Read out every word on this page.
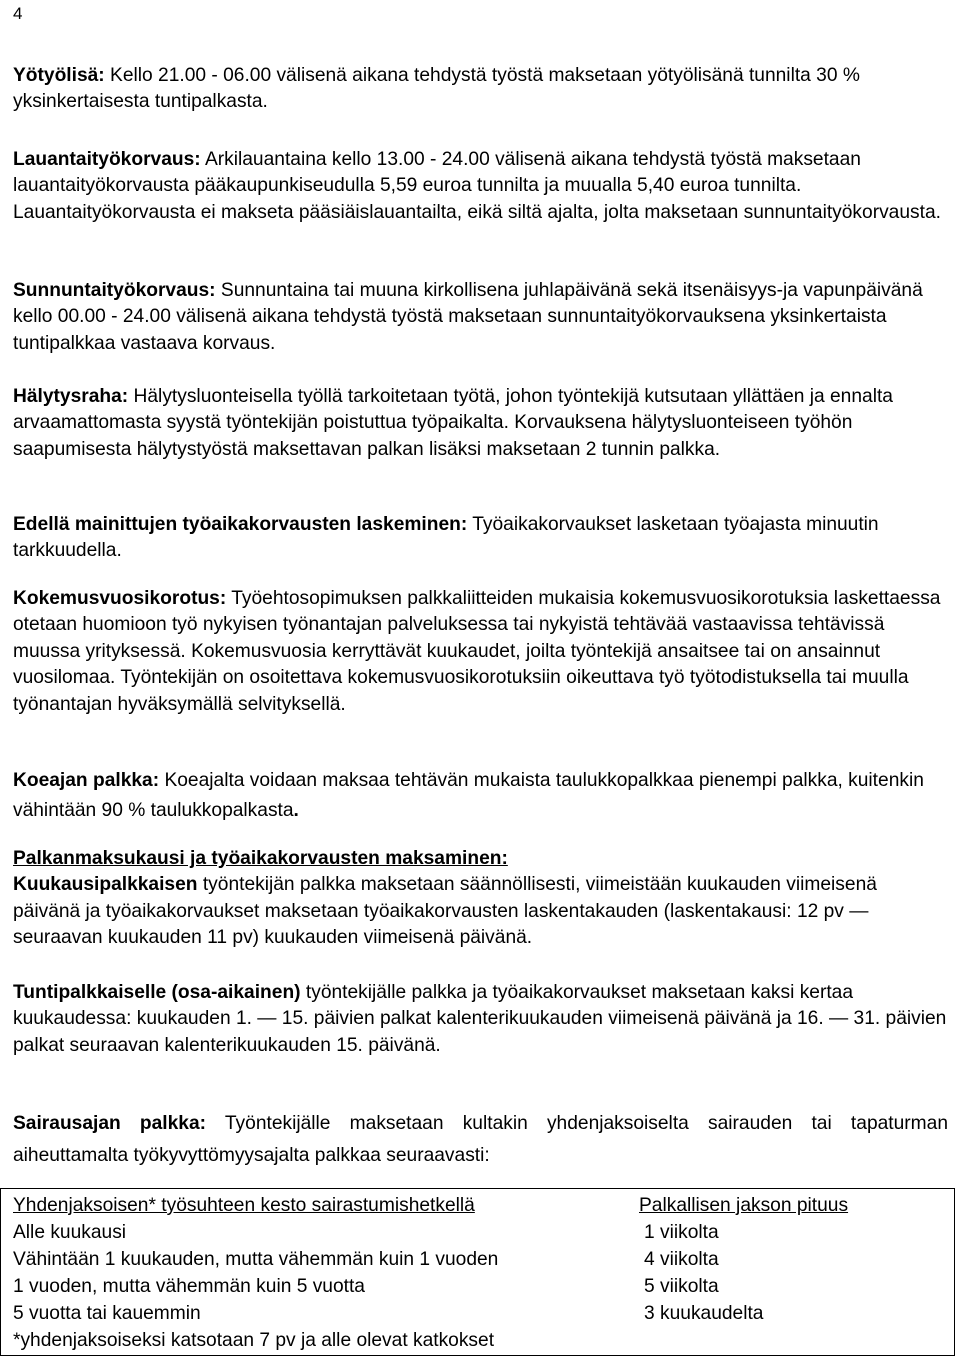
4

Yötyölisä: Kello 21.00 - 06.00 välisenä aikana tehdystä työstä maksetaan yötyölisänä tunnilta 30 % yksinkertaisesta tuntipalkasta.

Lauantaityökorvaus: Arkilauantaina kello 13.00 - 24.00 välisenä aikana tehdystä työstä maksetaan lauantaityökorvausta pääkaupunkiseudulla 5,59 euroa tunnilta ja muualla 5,40 euroa tunnilta. Lauantaityökorvausta ei makseta pääsiäislauantailta, eikä siltä ajalta, jolta maksetaan sunnuntaityökorvausta.

Sunnuntaityökorvaus: Sunnuntaina tai muuna kirkollisena juhlapäivänä sekä itsenäisyys-ja vapunpäivänä kello 00.00 - 24.00 välisenä aikana tehdystä työstä maksetaan sunnuntaityökorvauksena yksinkertaista tuntipalkkaa vastaava korvaus.

Hälytysraha: Hälytysluonteisella työllä tarkoitetaan työtä, johon työntekijä kutsutaan yllättäen ja ennalta arvaamattomasta syystä työntekijän poistuttua työpaikalta. Korvauksena hälytysluonteiseen työhön saapumisesta hälytystyöstä maksettavan palkan lisäksi maksetaan 2 tunnin palkka.

Edellä mainittujen työaikakorvausten laskeminen: Työaikakorvaukset lasketaan työajasta minuutin tarkkuudella.

Kokemusvuosikorotus: Työehtosopimuksen palkkaliitteiden mukaisia kokemusvuosikorotuksia laskettaessa otetaan huomioon työ nykyisen työnantajan palveluksessa tai nykyistä tehtävää vastaavissa tehtävissä muussa yrityksessä. Kokemusvuosia kerryttävät kuukaudet, joilta työntekijä ansaitsee tai on ansainnut vuosilomaa. Työntekijän on osoitettava kokemusvuosikorotuksiin oikeuttava työ työtodistuksella tai muulla työnantajan hyväksymällä selvityksellä.

Koeajan palkka: Koeajalta voidaan maksaa tehtävän mukaista taulukkopalkkaa pienempi palkka, kuitenkin vähintään 90 % taulukkopalkasta.

Palkanmaksukausi ja työaikakorvausten maksaminen:

Kuukausipalkkaisen työntekijän palkka maksetaan säännöllisesti, viimeistään kuukauden viimeisenä päivänä ja työaikakorvaukset maksetaan työaikakorvausten laskentakauden (laskentakausi: 12 pv — seuraavan kuukauden 11 pv) kuukauden viimeisenä päivänä.

Tuntipalkkaiselle (osa-aikainen) työntekijälle palkka ja työaikakorvaukset maksetaan kaksi kertaa kuukaudessa: kuukauden 1. — 15. päivien palkat kalenterikuukauden viimeisenä päivänä ja 16. — 31. päivien palkat seuraavan kalenterikuukauden 15. päivänä.

Sairausajan palkka: Työntekijälle maksetaan kultakin yhdenjaksoiselta sairauden tai tapaturman aiheuttamalta työkyvyttömyysajalta palkkaa seuraavasti:

Yhdenjaksoisen* työsuhteen kesto sairastumishetkellä	Palkallisen jakson pituus
Alle kuukausi	1 viikolta
Vähintään 1 kuukauden, mutta vähemmän kuin 1 vuoden	4 viikolta
1 vuoden, mutta vähemmän kuin 5 vuotta	5 viikolta
5 vuotta tai kauemmin	3 kuukaudelta
*yhdenjaksoiseksi katsotaan 7 pv ja alle olevat katkokset
